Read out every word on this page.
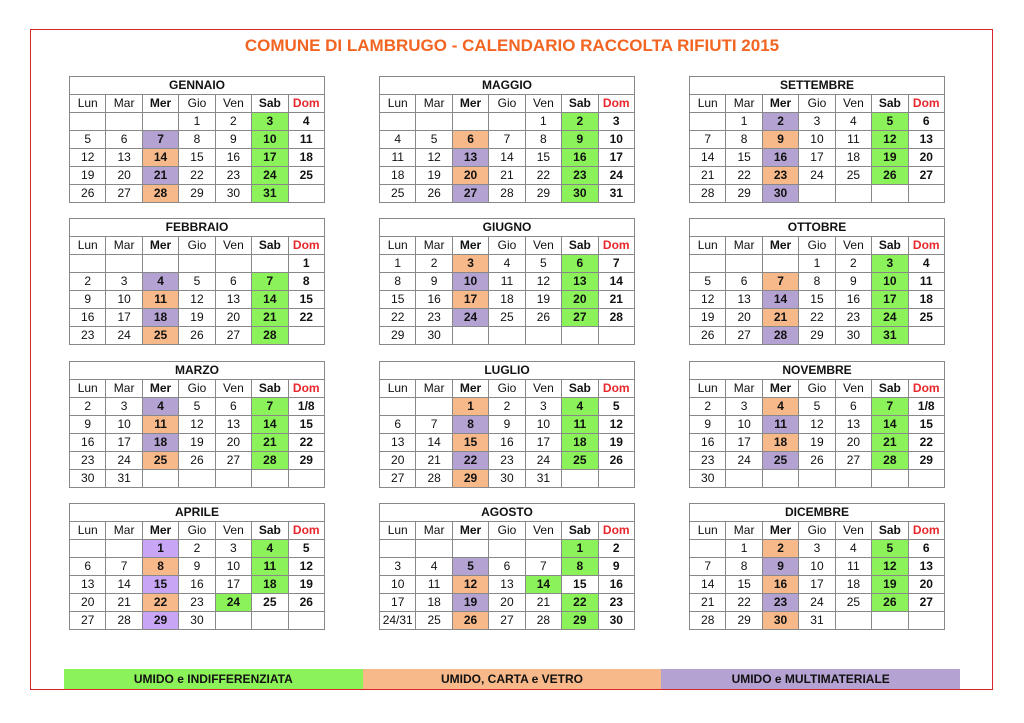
COMUNE DI LAMBRUGO - CALENDARIO RACCOLTA RIFIUTI 2015
GENNAIO						
Lun	Mar	Mer	Gio	Ven	Sab	Dom
			1	2	3	4
5	6	7	8	9	10	11
12	13	14	15	16	17	18
19	20	21	22	23	24	25
26	27	28	29	30	31	
FEBBRAIO						
Lun	Mar	Mer	Gio	Ven	Sab	Dom
						1
2	3	4	5	6	7	8
9	10	11	12	13	14	15
16	17	18	19	20	21	22
23	24	25	26	27	28	
MARZO						
Lun	Mar	Mer	Gio	Ven	Sab	Dom
2	3	4	5	6	7	1/8
9	10	11	12	13	14	15
16	17	18	19	20	21	22
23	24	25	26	27	28	29
30	31					
APRILE						
Lun	Mar	Mer	Gio	Ven	Sab	Dom
		1	2	3	4	5
6	7	8	9	10	11	12
13	14	15	16	17	18	19
20	21	22	23	24	25	26
27	28	29	30			
MAGGIO						
Lun	Mar	Mer	Gio	Ven	Sab	Dom
				1	2	3
4	5	6	7	8	9	10
11	12	13	14	15	16	17
18	19	20	21	22	23	24
25	26	27	28	29	30	31
GIUGNO						
Lun	Mar	Mer	Gio	Ven	Sab	Dom
1	2	3	4	5	6	7
8	9	10	11	12	13	14
15	16	17	18	19	20	21
22	23	24	25	26	27	28
29	30					
LUGLIO						
Lun	Mar	Mer	Gio	Ven	Sab	Dom
		1	2	3	4	5
6	7	8	9	10	11	12
13	14	15	16	17	18	19
20	21	22	23	24	25	26
27	28	29	30	31		
AGOSTO						
Lun	Mar	Mer	Gio	Ven	Sab	Dom
					1	2
3	4	5	6	7	8	9
10	11	12	13	14	15	16
17	18	19	20	21	22	23
24/31	25	26	27	28	29	30
SETTEMBRE						
Lun	Mar	Mer	Gio	Ven	Sab	Dom
	1	2	3	4	5	6
7	8	9	10	11	12	13
14	15	16	17	18	19	20
21	22	23	24	25	26	27
28	29	30				
OTTOBRE						
Lun	Mar	Mer	Gio	Ven	Sab	Dom
			1	2	3	4
5	6	7	8	9	10	11
12	13	14	15	16	17	18
19	20	21	22	23	24	25
26	27	28	29	30	31	
NOVEMBRE						
Lun	Mar	Mer	Gio	Ven	Sab	Dom
2	3	4	5	6	7	1/8
9	10	11	12	13	14	15
16	17	18	19	20	21	22
23	24	25	26	27	28	29
30						
DICEMBRE						
Lun	Mar	Mer	Gio	Ven	Sab	Dom
	1	2	3	4	5	6
7	8	9	10	11	12	13
14	15	16	17	18	19	20
21	22	23	24	25	26	27
28	29	30	31			
UMIDO e INDIFFERENZIATA	UMIDO, CARTA e VETRO	UMIDO e MULTIMATERIALE
